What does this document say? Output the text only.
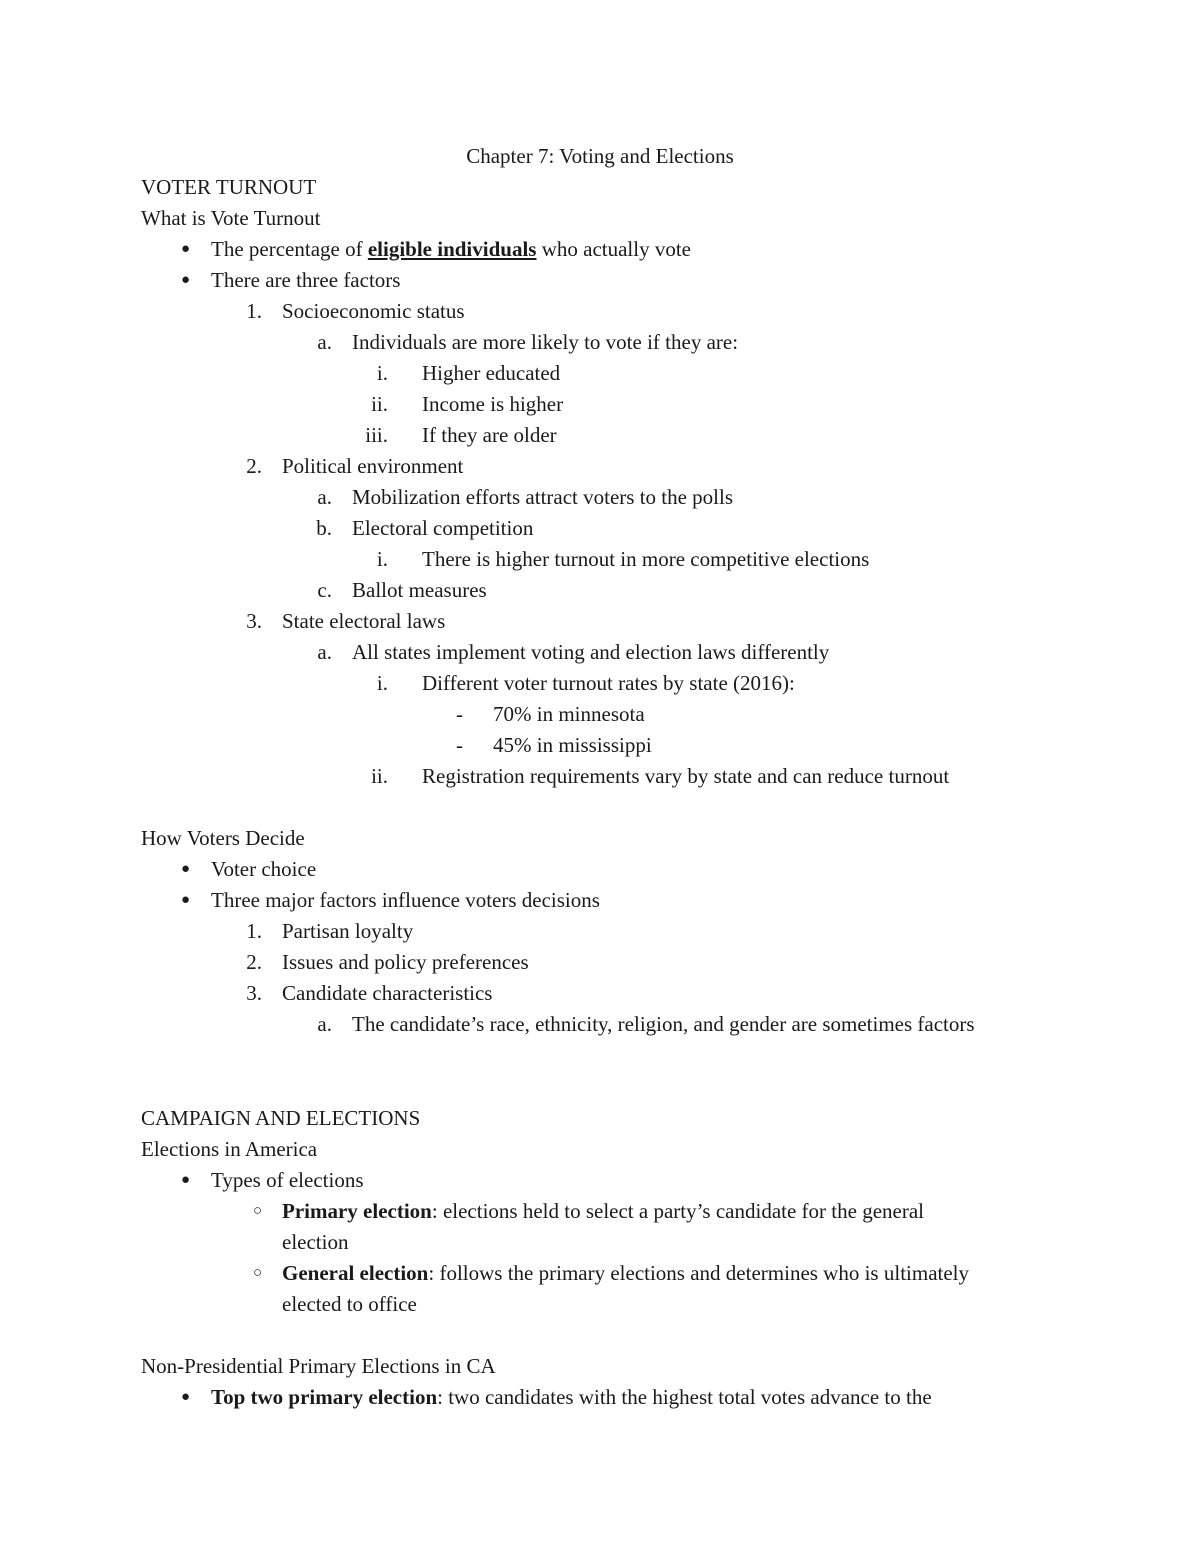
Chapter 7: Voting and Elections
VOTER TURNOUT
What is Vote Turnout
● The percentage of eligible individuals who actually vote
● There are three factors
1. Socioeconomic status
a. Individuals are more likely to vote if they are:
i. Higher educated
ii. Income is higher
iii. If they are older
2. Political environment
a. Mobilization efforts attract voters to the polls
b. Electoral competition
i. There is higher turnout in more competitive elections
c. Ballot measures
3. State electoral laws
a. All states implement voting and election laws differently
i. Different voter turnout rates by state (2016):
- 70% in minnesota
- 45% in mississippi
ii. Registration requirements vary by state and can reduce turnout
How Voters Decide
● Voter choice
● Three major factors influence voters decisions
1. Partisan loyalty
2. Issues and policy preferences
3. Candidate characteristics
a. The candidate’s race, ethnicity, religion, and gender are sometimes factors
CAMPAIGN AND ELECTIONS
Elections in America
● Types of elections
○ Primary election: elections held to select a party’s candidate for the general
election
○ General election: follows the primary elections and determines who is ultimately
elected to office
Non-Presidential Primary Elections in CA
● Top two primary election: two candidates with the highest total votes advance to the
